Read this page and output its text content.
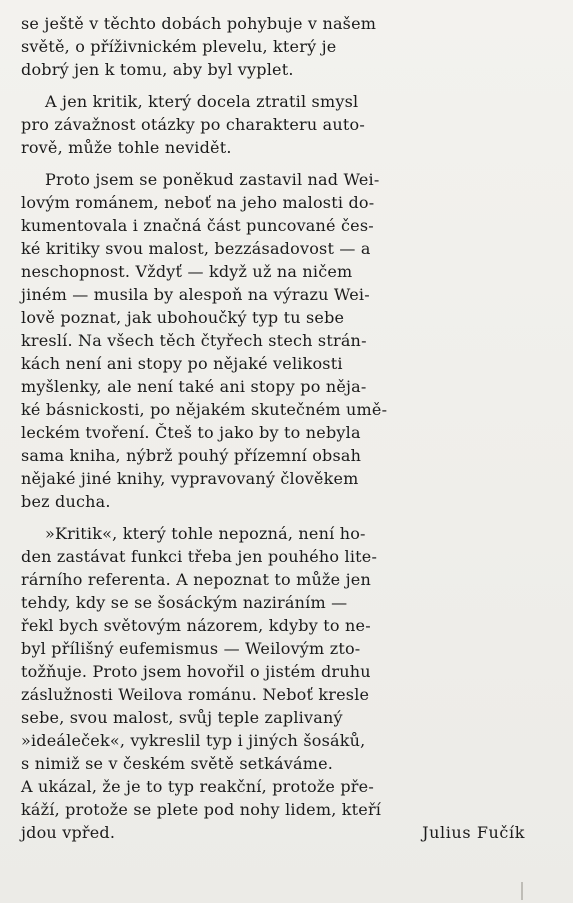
se ještě v těchto dobách pohybuje v našem
světě, o příživnickém plevelu, který je
dobrý jen k tomu, aby byl vyplet.
A jen kritik, který docela ztratil smysl
pro závažnost otázky po charakteru auto-
rově, může tohle nevidět.
Proto jsem se poněkud zastavil nad Wei-
lovým románem, neboť na jeho malosti do-
kumentovala i značná část puncované čes-
ké kritiky svou malost, bezzásadovost — a
neschopnost. Vždyť — když už na ničem
jiném — musila by alespoň na výrazu Wei-
lově poznat, jak ubohoučký typ tu sebe
kreslí. Na všech těch čtyřech stech strán-
kách není ani stopy po nějaké velikosti
myšlenky, ale není také ani stopy po něja-
ké básnickosti, po nějakém skutečném umě-
leckém tvoření. Čteš to jako by to nebyla
sama kniha, nýbrž pouhý přízemní obsah
nějaké jiné knihy, vypravovaný člověkem
bez ducha.
»Kritik«, který tohle nepozná, není ho-
den zastávat funkci třeba jen pouhého lite-
rárního referenta. A nepoznat to může jen
tehdy, kdy se se šosáckým naziráním —
řekl bych světovým názorem, kdyby to ne-
byl přílišný eufemismus — Weilovým zto-
tožňuje. Proto jsem hovořil o jistém druhu
záslužnosti Weilova románu. Neboť kresle
sebe, svou malost, svůj teple zaplivaný
»ideáleček«, vykreslil typ i jiných šosáků,
s nimiž se v českém světě setkáváme.
A ukázal, že je to typ reakční, protože pře-
káží, protože se plete pod nohy lidem, kteří
jdou vpřed.	Julius Fučík
